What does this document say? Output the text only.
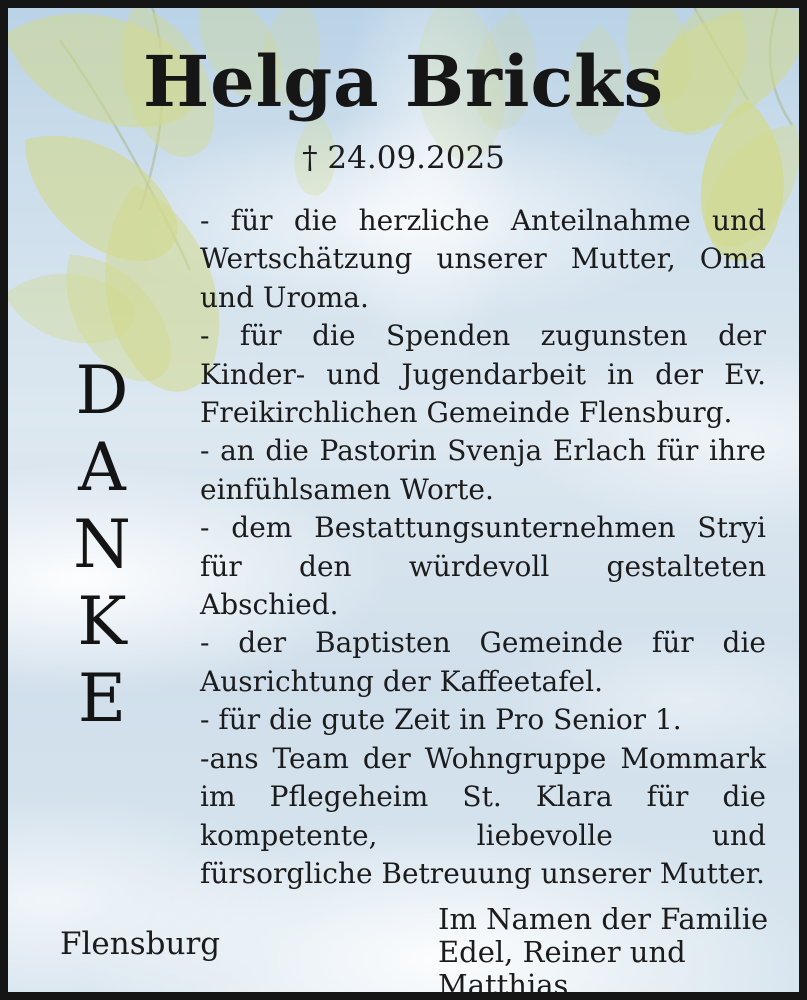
Helga Bricks
† 24.09.2025
D
A
N
K
E

- für die herzliche Anteilnahme und Wertschätzung unserer Mutter, Oma und Uroma.

- für die Spenden zugunsten der Kinder- und Jugendarbeit in der Ev. Freikirchlichen Gemeinde Flensburg.

- an die Pastorin Svenja Erlach für ihre einfühlsamen Worte.

- dem Bestattungsunternehmen Stryi für den würdevoll gestalteten Abschied.

- der Baptisten Gemeinde für die Ausrichtung der Kaffeetafel.

- für die gute Zeit in Pro Senior 1.

-ans Team der Wohngruppe Mommark im Pflegeheim St. Klara für die kompetente, liebevolle und fürsorgliche Betreuung unserer Mutter.

Flensburg
Im Namen der Familie
Edel, Reiner und Matthias
